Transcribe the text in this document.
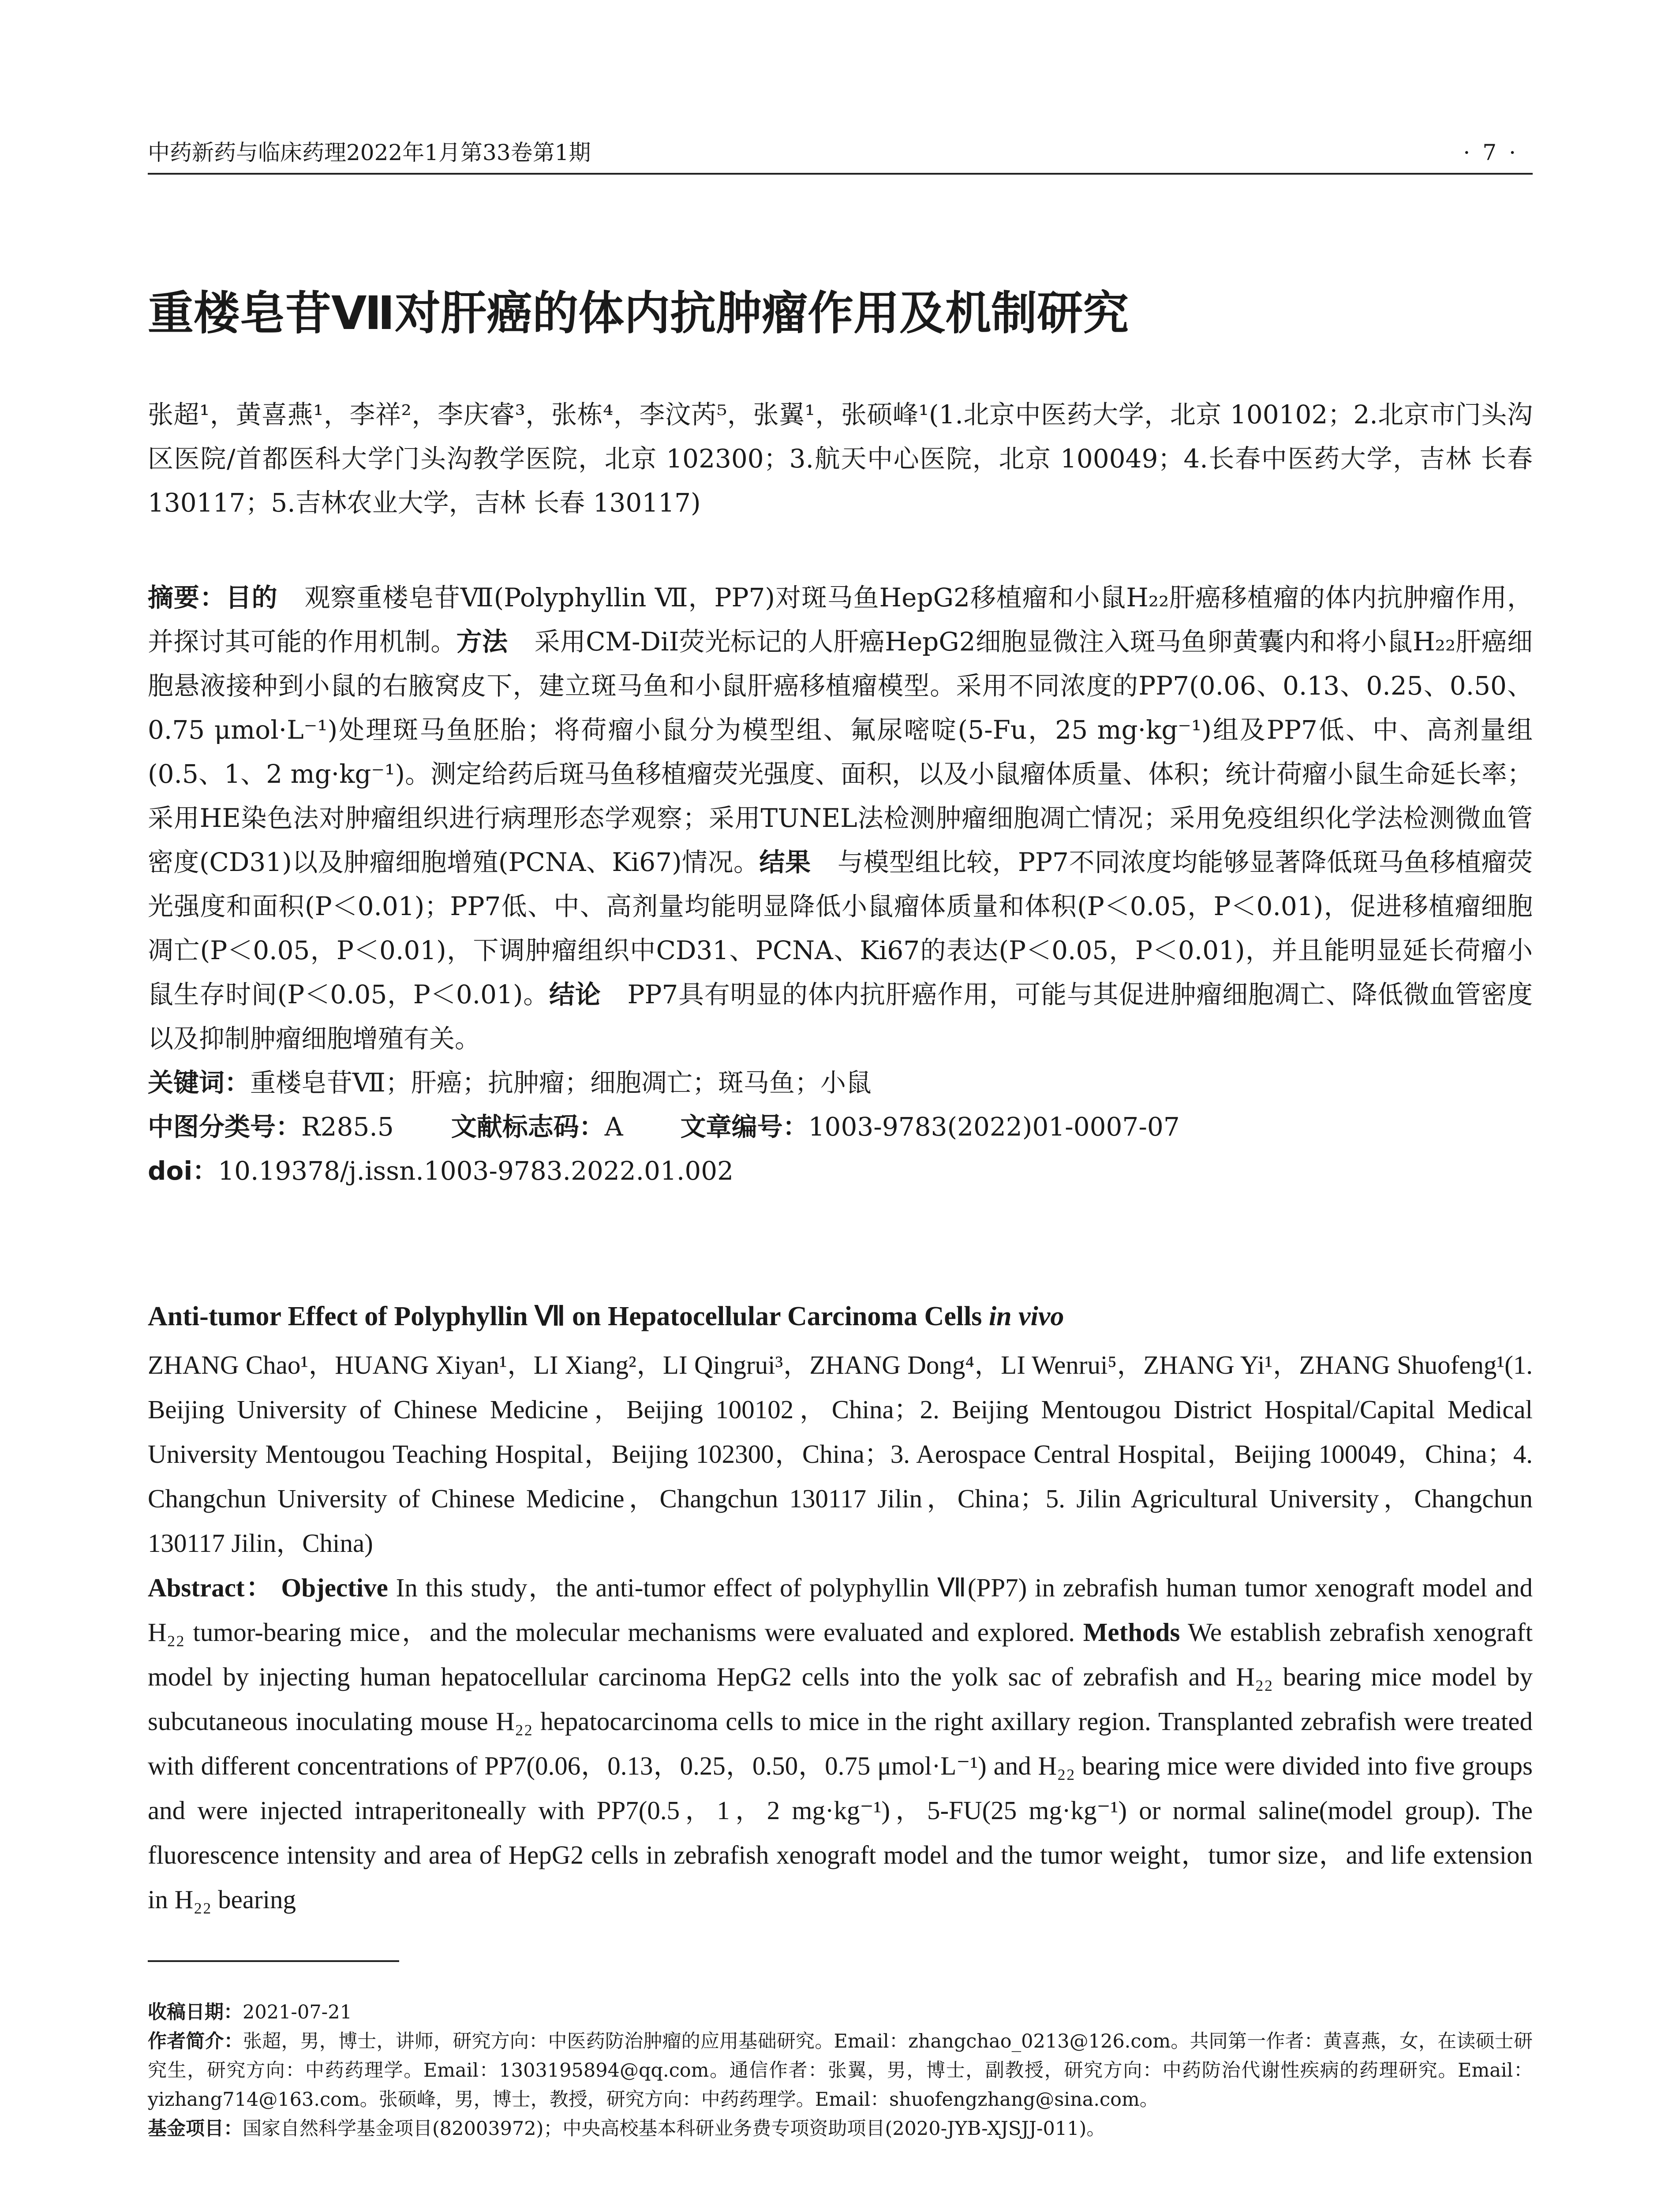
中药新药与临床药理2022年1月第33卷第1期	·7·
重楼皂苷Ⅶ对肝癌的体内抗肿瘤作用及机制研究
张超¹，黄喜燕¹，李祥²，李庆睿³，张栋⁴，李汶芮⁵，张翼¹，张硕峰¹(1.北京中医药大学，北京 100102；2.北京市门头沟区医院/首都医科大学门头沟教学医院，北京 102300；3.航天中心医院，北京 100049；4.长春中医药大学，吉林 长春 130117；5.吉林农业大学，吉林 长春 130117)

摘要：目的 观察重楼皂苷Ⅶ(Polyphyllin Ⅶ，PP7)对斑马鱼HepG2移植瘤和小鼠H₂₂肝癌移植瘤的体内抗肿瘤作用，并探讨其可能的作用机制。方法 采用CM-DiI荧光标记的人肝癌HepG2细胞显微注入斑马鱼卵黄囊内和将小鼠H₂₂肝癌细胞悬液接种到小鼠的右腋窝皮下，建立斑马鱼和小鼠肝癌移植瘤模型。采用不同浓度的PP7(0.06、0.13、0.25、0.50、0.75 μmol·L⁻¹)处理斑马鱼胚胎；将荷瘤小鼠分为模型组、氟尿嘧啶(5-Fu，25 mg·kg⁻¹)组及PP7低、中、高剂量组(0.5、1、2 mg·kg⁻¹)。测定给药后斑马鱼移植瘤荧光强度、面积，以及小鼠瘤体质量、体积；统计荷瘤小鼠生命延长率；采用HE染色法对肿瘤组织进行病理形态学观察；采用TUNEL法检测肿瘤细胞凋亡情况；采用免疫组织化学法检测微血管密度(CD31)以及肿瘤细胞增殖(PCNA、Ki67)情况。结果 与模型组比较，PP7不同浓度均能够显著降低斑马鱼移植瘤荧光强度和面积(P＜0.01)；PP7低、中、高剂量均能明显降低小鼠瘤体质量和体积(P＜0.05，P＜0.01)，促进移植瘤细胞凋亡(P＜0.05，P＜0.01)，下调肿瘤组织中CD31、PCNA、Ki67的表达(P＜0.05，P＜0.01)，并且能明显延长荷瘤小鼠生存时间(P＜0.05，P＜0.01)。结论 PP7具有明显的体内抗肝癌作用，可能与其促进肿瘤细胞凋亡、降低微血管密度以及抑制肿瘤细胞增殖有关。

关键词：重楼皂苷Ⅶ；肝癌；抗肿瘤；细胞凋亡；斑马鱼；小鼠

中图分类号：R285.5 文献标志码：A 文章编号：1003-9783(2022)01-0007-07

doi：10.19378/j.issn.1003-9783.2022.01.002

Anti-tumor Effect of Polyphyllin Ⅶ on Hepatocellular Carcinoma Cells in vivo

ZHANG Chao¹，HUANG Xiyan¹，LI Xiang²，LI Qingrui³，ZHANG Dong⁴，LI Wenrui⁵，ZHANG Yi¹，ZHANG Shuofeng¹(1. Beijing University of Chinese Medicine，Beijing 100102，China；2. Beijing Mentougou District Hospital/Capital Medical University Mentougou Teaching Hospital，Beijing 102300，China；3. Aerospace Central Hospital，Beijing 100049，China；4. Changchun University of Chinese Medicine，Changchun 130117 Jilin，China；5. Jilin Agricultural University，Changchun 130117 Jilin，China)

Abstract： Objective In this study，the anti-tumor effect of polyphyllin Ⅶ(PP7) in zebrafish human tumor xenograft model and H₂₂ tumor-bearing mice，and the molecular mechanisms were evaluated and explored. Methods We establish zebrafish xenograft model by injecting human hepatocellular carcinoma HepG2 cells into the yolk sac of zebrafish and H₂₂ bearing mice model by subcutaneous inoculating mouse H₂₂ hepatocarcinoma cells to mice in the right axillary region. Transplanted zebrafish were treated with different concentrations of PP7(0.06，0.13，0.25，0.50，0.75 μmol·L⁻¹) and H₂₂ bearing mice were divided into five groups and were injected intraperitoneally with PP7(0.5，1，2 mg·kg⁻¹)，5-FU(25 mg·kg⁻¹) or normal saline(model group). The fluorescence intensity and area of HepG2 cells in zebrafish xenograft model and the tumor weight，tumor size，and life extension in H₂₂ bearing

收稿日期：2021-07-21

作者简介：张超，男，博士，讲师，研究方向：中医药防治肿瘤的应用基础研究。Email：zhangchao_0213@126.com。共同第一作者：黄喜燕，女，在读硕士研究生，研究方向：中药药理学。Email：1303195894@qq.com。通信作者：张翼，男，博士，副教授，研究方向：中药防治代谢性疾病的药理研究。Email：yizhang714@163.com。张硕峰，男，博士，教授，研究方向：中药药理学。Email：shuofengzhang@sina.com。

基金项目：国家自然科学基金项目(82003972)；中央高校基本科研业务费专项资助项目(2020-JYB-XJSJJ-011)。
